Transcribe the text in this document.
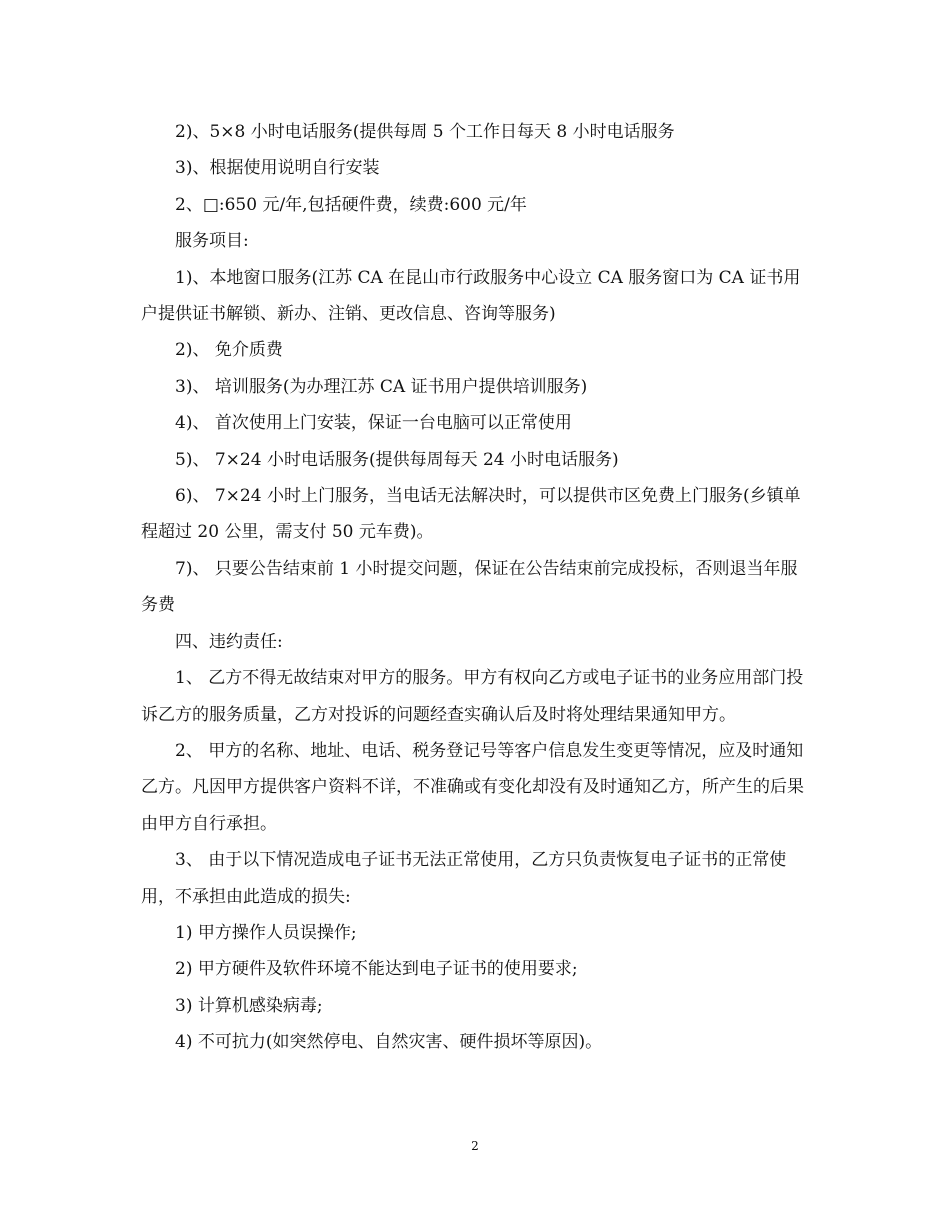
2)、5×8 小时电话服务(提供每周 5 个工作日每天 8 小时电话服务

3)、根据使用说明自行安装

2、□:650 元/年,包括硬件费，续费:600 元/年

服务项目:

1)、本地窗口服务(江苏 CA 在昆山市行政服务中心设立 CA 服务窗口为 CA 证书用户提供证书解锁、新办、注销、更改信息、咨询等服务)

2)、 免介质费

3)、 培训服务(为办理江苏 CA 证书用户提供培训服务)

4)、 首次使用上门安装，保证一台电脑可以正常使用

5)、 7×24 小时电话服务(提供每周每天 24 小时电话服务)

6)、 7×24 小时上门服务，当电话无法解决时，可以提供市区免费上门服务(乡镇单程超过 20 公里，需支付 50 元车费)。

7)、 只要公告结束前 1 小时提交问题，保证在公告结束前完成投标，否则退当年服务费

四、违约责任:

1、 乙方不得无故结束对甲方的服务。甲方有权向乙方或电子证书的业务应用部门投诉乙方的服务质量，乙方对投诉的问题经查实确认后及时将处理结果通知甲方。

2、 甲方的名称、地址、电话、税务登记号等客户信息发生变更等情况，应及时通知乙方。凡因甲方提供客户资料不详，不准确或有变化却没有及时通知乙方，所产生的后果由甲方自行承担。

3、 由于以下情况造成电子证书无法正常使用，乙方只负责恢复电子证书的正常使用，不承担由此造成的损失:

1) 甲方操作人员误操作;

2) 甲方硬件及软件环境不能达到电子证书的使用要求;

3) 计算机感染病毒;

4) 不可抗力(如突然停电、自然灾害、硬件损坏等原因)。

2
